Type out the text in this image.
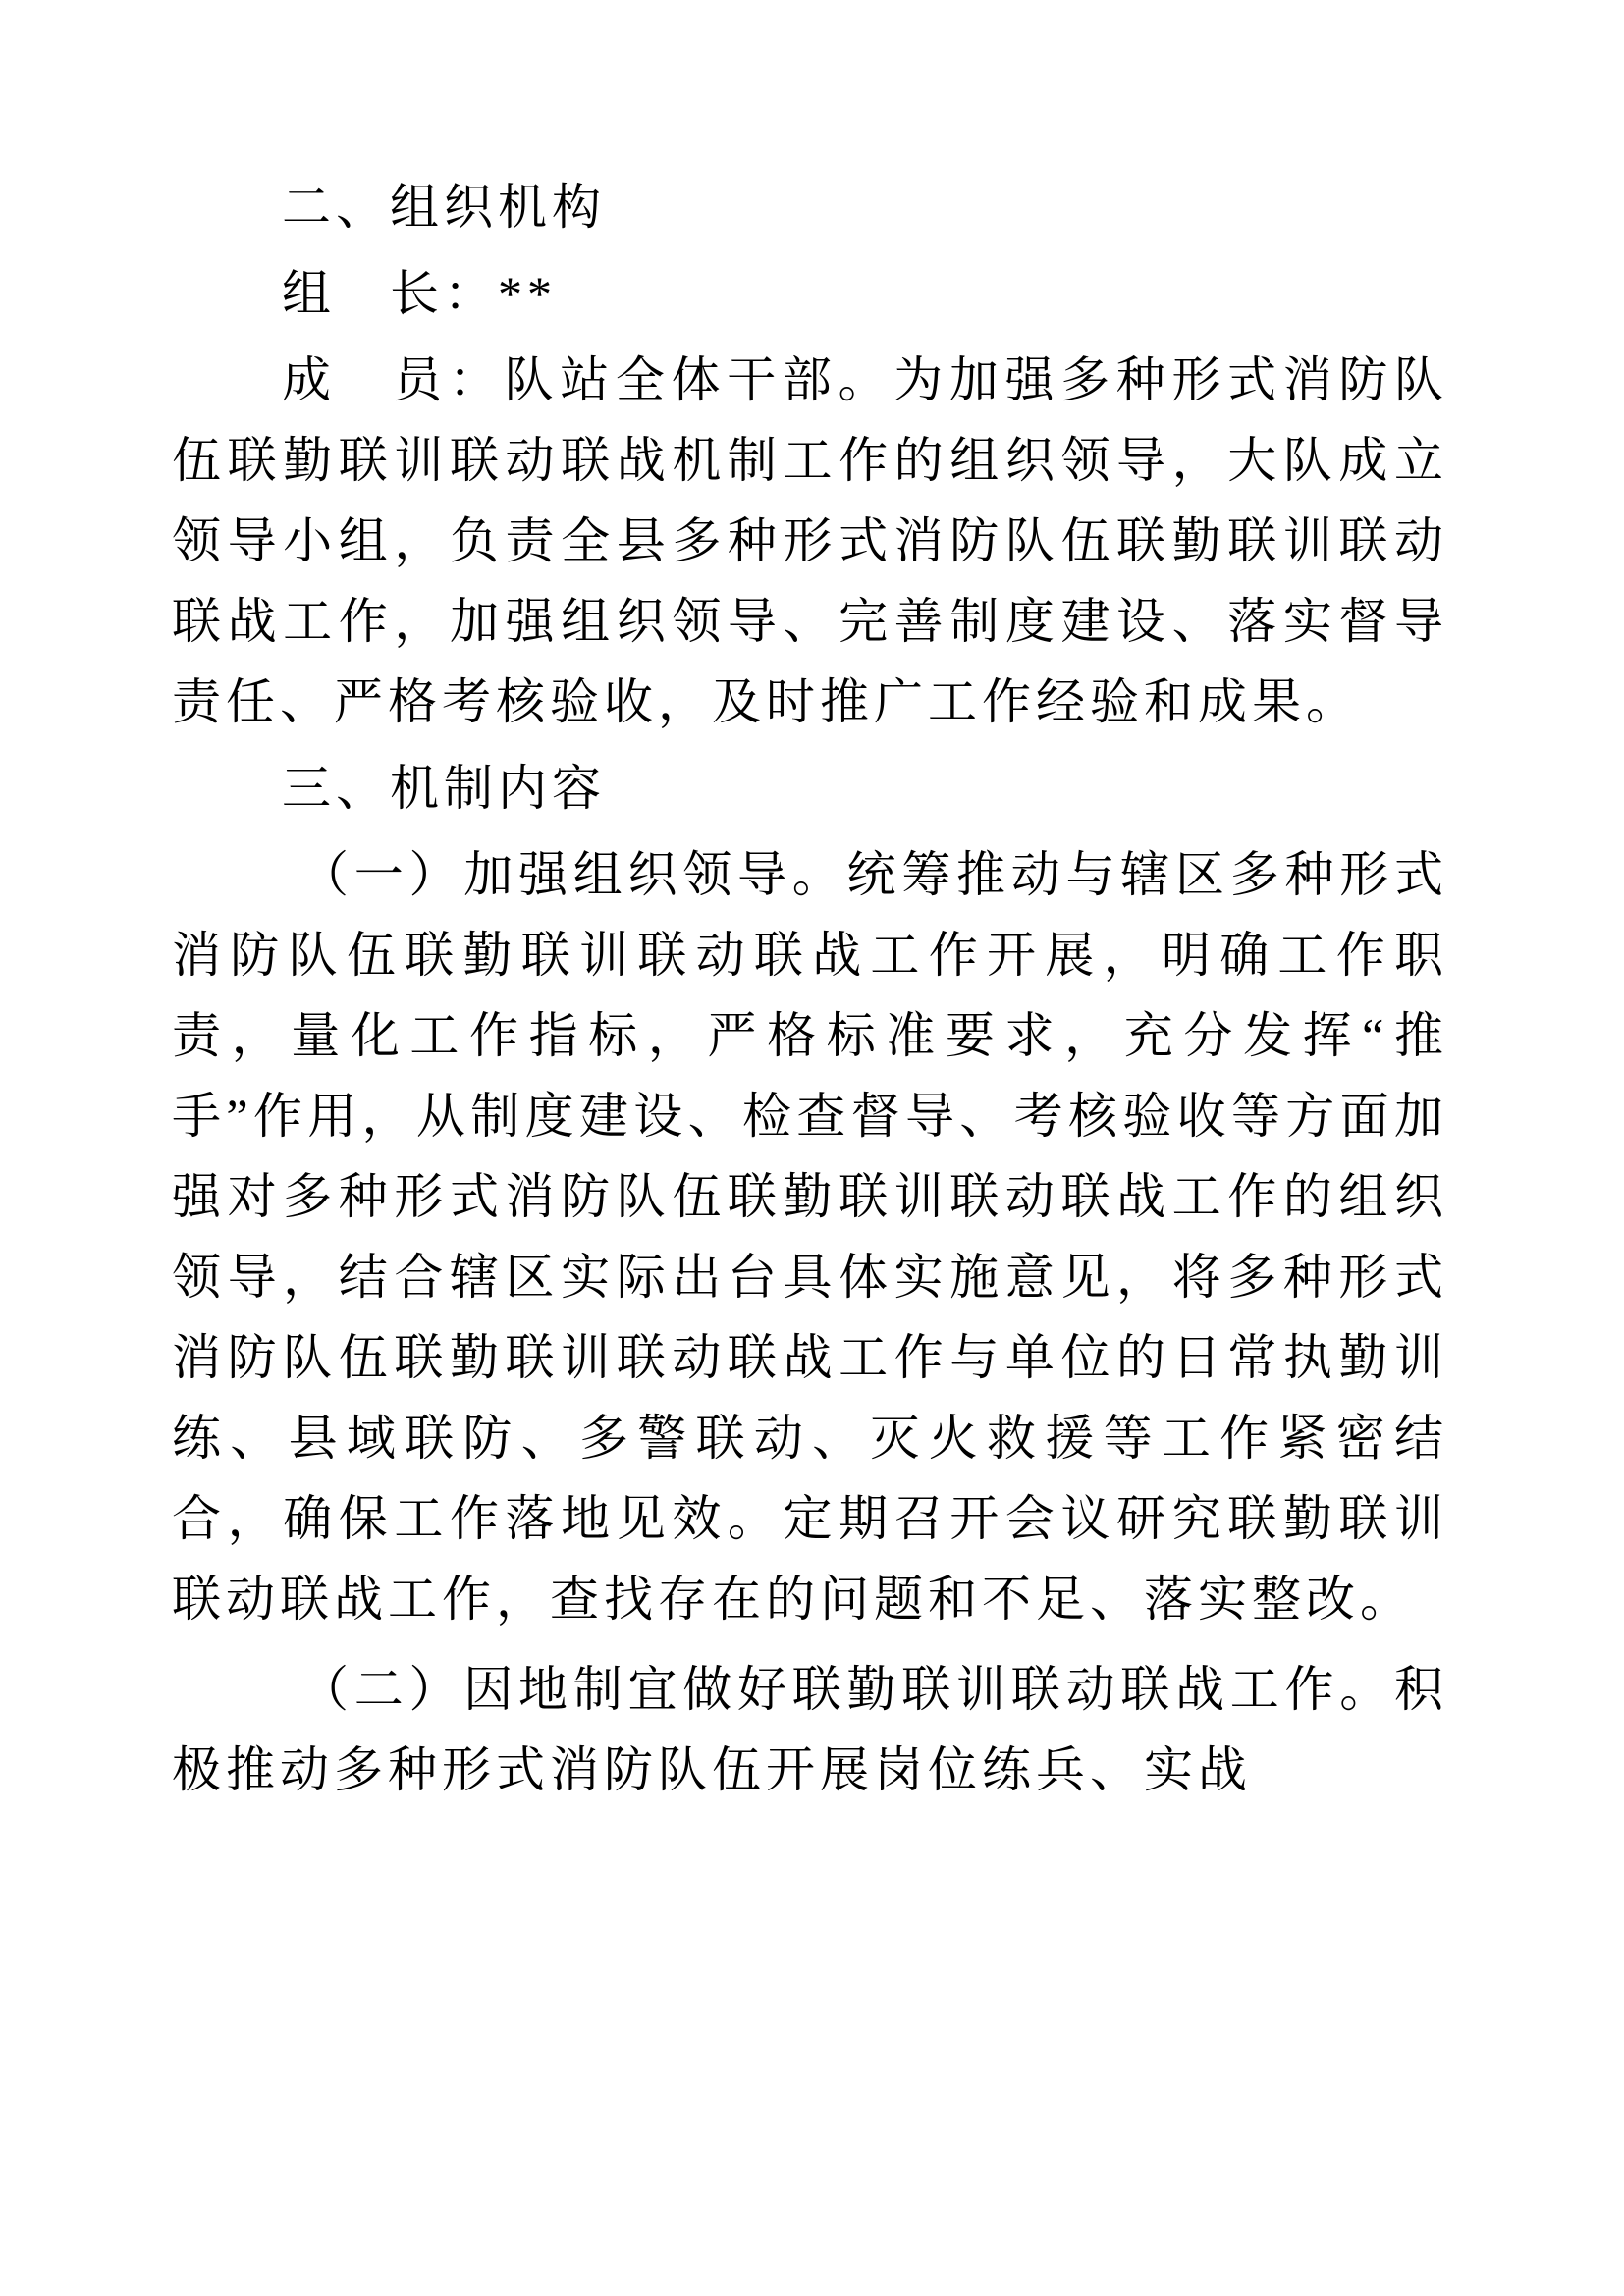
二、组织机构

组　长：**

成　员：队站全体干部。为加强多种形式消防队伍联勤联训联动联战机制工作的组织领导，大队成立领导小组，负责全县多种形式消防队伍联勤联训联动联战工作，加强组织领导、完善制度建设、落实督导责任、严格考核验收，及时推广工作经验和成果。

三、机制内容

（一）加强组织领导。统筹推动与辖区多种形式消防队伍联勤联训联动联战工作开展，明确工作职责，量化工作指标，严格标准要求，充分发挥“推手”作用，从制度建设、检查督导、考核验收等方面加强对多种形式消防队伍联勤联训联动联战工作的组织领导，结合辖区实际出台具体实施意见，将多种形式消防队伍联勤联训联动联战工作与单位的日常执勤训练、县域联防、多警联动、灭火救援等工作紧密结合，确保工作落地见效。定期召开会议研究联勤联训联动联战工作，查找存在的问题和不足、落实整改。

（二）因地制宜做好联勤联训联动联战工作。积极推动多种形式消防队伍开展岗位练兵、实战
